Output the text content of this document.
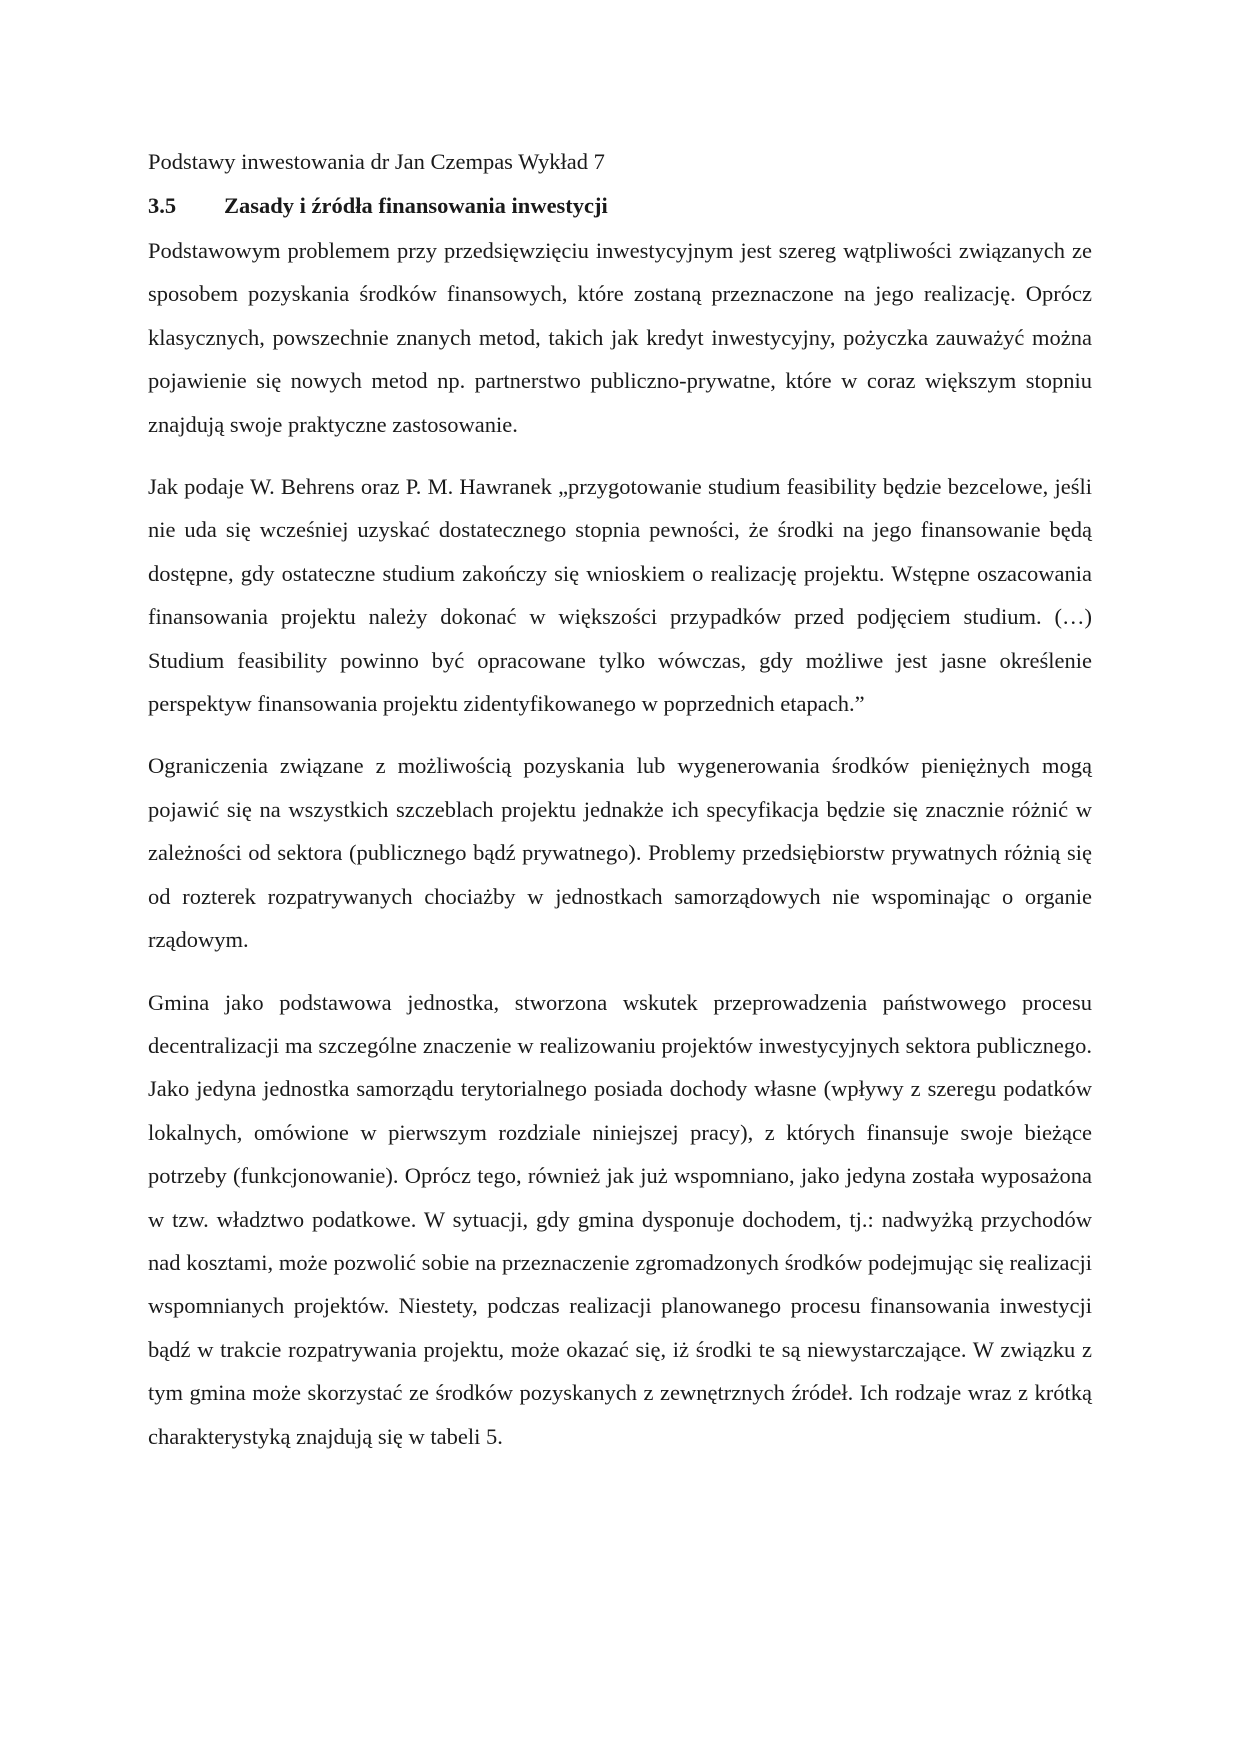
Podstawy inwestowania dr Jan Czempas Wykład 7

3.5	Zasady i źródła finansowania inwestycji

Podstawowym problemem przy przedsięwzięciu inwestycyjnym jest szereg wątpliwości związanych ze sposobem pozyskania środków finansowych, które zostaną przeznaczone na jego realizację. Oprócz klasycznych, powszechnie znanych metod, takich jak kredyt inwestycyjny, pożyczka zauważyć można pojawienie się nowych metod np. partnerstwo publiczno-prywatne, które w coraz większym stopniu znajdują swoje praktyczne zastosowanie.

Jak podaje W. Behrens oraz P. M. Hawranek „przygotowanie studium feasibility będzie bezcelowe, jeśli nie uda się wcześniej uzyskać dostatecznego stopnia pewności, że środki na jego finansowanie będą dostępne, gdy ostateczne studium zakończy się wnioskiem o realizację projektu. Wstępne oszacowania finansowania projektu należy dokonać w większości przypadków przed podjęciem studium. (…) Studium feasibility powinno być opracowane tylko wówczas, gdy możliwe jest jasne określenie perspektyw finansowania projektu zidentyfikowanego w poprzednich etapach.”

Ograniczenia związane z możliwością pozyskania lub wygenerowania środków pieniężnych mogą pojawić się na wszystkich szczeblach projektu jednakże ich specyfikacja będzie się znacznie różnić w zależności od sektora (publicznego bądź prywatnego). Problemy przedsiębiorstw prywatnych różnią się od rozterek rozpatrywanych chociażby w jednostkach samorządowych nie wspominając o organie rządowym.

Gmina jako podstawowa jednostka, stworzona wskutek przeprowadzenia państwowego procesu decentralizacji ma szczególne znaczenie w realizowaniu projektów inwestycyjnych sektora publicznego. Jako jedyna jednostka samorządu terytorialnego posiada dochody własne (wpływy z szeregu podatków lokalnych, omówione w pierwszym rozdziale niniejszej pracy), z których finansuje swoje bieżące potrzeby (funkcjonowanie). Oprócz tego, również jak już wspomniano, jako jedyna została wyposażona w tzw. władztwo podatkowe. W sytuacji, gdy gmina dysponuje dochodem, tj.: nadwyżką przychodów nad kosztami, może pozwolić sobie na przeznaczenie zgromadzonych środków podejmując się realizacji wspomnianych projektów. Niestety, podczas realizacji planowanego procesu finansowania inwestycji bądź w trakcie rozpatrywania projektu, może okazać się, iż środki te są niewystarczające. W związku z tym gmina może skorzystać ze środków pozyskanych z zewnętrznych źródeł. Ich rodzaje wraz z krótką charakterystyką znajdują się w tabeli 5.
